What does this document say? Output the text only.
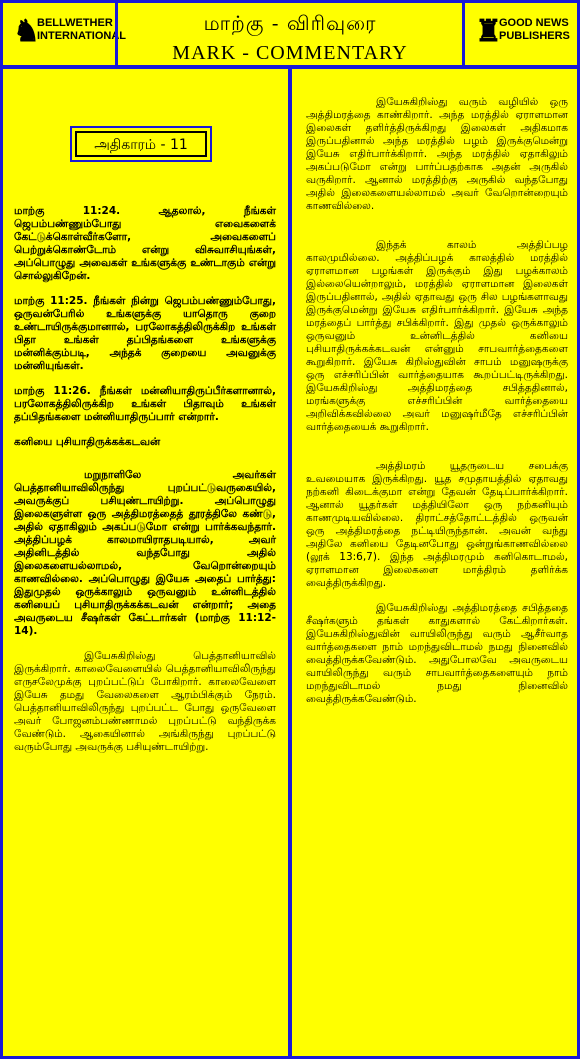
♞
BELLWETHER
INTERNATIONAL
மாற்கு - விரிவுரை
MARK - COMMENTARY
♜
GOOD NEWS
PUBLISHERS
அதிகாரம் - 11

மாற்கு 11:24. ஆதலால், நீங்கள் ஜெபம்பண்ணும்போது எவைகளைக் கேட்டுக்கொள்வீர்களோ, அவைகளைப் பெற்றுக்கொண்டோம் என்று விசுவாசியுங்கள், அப்பொழுது அவைகள் உங்களுக்கு உண்டாகும் என்று சொல்லுகிறேன்.

மாற்கு 11:25. நீங்கள் நின்று ஜெபம்பண்ணும்போது, ஒருவன்பேரில் உங்களுக்கு யாதொரு குறை உண்டாயிருக்குமானால், பரலோகத்திலிருக்கிற உங்கள் பிதா உங்கள் தப்பிதங்களை உங்களுக்கு மன்னிக்கும்படி, அந்தக் குறையை அவனுக்கு மன்னியுங்கள்.

மாற்கு 11:26. நீங்கள் மன்னியாதிருப்பீர்களானால், பரலோகத்திலிருக்கிற உங்கள் பிதாவும் உங்கள் தப்பிதங்களை மன்னியாதிருப்பார் என்றார்.

கனியை புசியாதிருக்கக்கடவன்

மறுநாளிலே அவர்கள் பெத்தானியாவிலிருந்து புறப்பட்டுவருகையில், அவருக்குப் பசியுண்டாயிற்று. அப்பொழுது இலைகளுள்ள ஒரு அத்திமரத்தைத் தூரத்திலே கண்டு, அதில் ஏதாகிலும் அகப்படுமோ என்று பார்க்கவந்தார். அத்திப்பழக் காலமாயிராதபடியால், அவர் அதினிடத்தில் வந்தபோது அதில் இலைகளையல்லாமல், வேறொன்றையும் காணவில்லை. அப்பொழுது இயேசு அதைப் பார்த்து: இதுமுதல் ஒருக்காலும் ஒருவனும் உன்னிடத்தில் கனியைப் புசியாதிருக்கக்கடவன் என்றார்; அதை அவருடைய சீஷர்கள் கேட்டார்கள் (மாற்கு 11:12-14).

இயேசுகிறிஸ்து பெத்தானியாவில் இருக்கிறார். காலைவேளையில் பெத்தானியாவிலிருந்து எருசலேமுக்கு புறப்பட்டுப் போகிறார். காலைவேளை இயேசு தமது வேலைகளை ஆரம்பிக்கும் நேரம். பெத்தானியாவிலிருந்து புறப்பட்ட போது ஒருவேளை அவர் போஜனம்பண்ணாமல் புறப்பட்டு வந்திருக்க வேண்டும். ஆகையினால் அங்கிருந்து புறப்பட்டு வரும்போது அவருக்கு பசியுண்டாயிற்று.

இயேசுகிறிஸ்து வரும் வழியில் ஒரு அத்திமரத்தை காண்கிறார். அந்த மரத்தில் ஏராளமான இலைகள் தளிர்த்திருக்கிறது இலைகள் அதிகமாக இருப்பதினால் அந்த மரத்தில் பழம் இருக்குமென்று இயேசு எதிர்பார்க்கிறார். அந்த மரத்தில் ஏதாகிலும் அகப்படுமோ என்று பார்ப்பதற்காக அதன் அருகில் வருகிறார். ஆனால் மரத்திற்கு அருகில் வந்தபோது அதில் இலைகளையல்லாமல் அவர் வேறொன்றையும் காணவில்லை.

இந்தக் காலம் அத்திப்பழ காலமுமில்லை. அத்திப்பழக் காலத்தில் மரத்தில் ஏராளமான பழங்கள் இருக்கும் இது பழக்காலம் இல்லையென்றாலும், மரத்தில் ஏராளமான இலைகள் இருப்பதினால், அதில் ஏதாவது ஒரு சில பழங்களாவது இருக்குமென்று இயேசு எதிர்பார்க்கிறார். இயேசு அந்த மரத்தைப் பார்த்து சபிக்கிறார். இது முதல் ஒருக்காலும் ஒருவனும் உன்னிடத்தில் கனியை புசியாதிருக்கக்கடவன் என்னும் சாபவார்த்தைகளை கூறுகிறார். இயேசு கிறிஸ்துவின் சாபம் மனுஷருக்கு ஒரு எச்சரிப்பின் வார்த்தையாக கூறப்பட்டிருக்கிறது. இயேசுகிறிஸ்து அத்திமரத்தை சபித்ததினால், மரங்களுக்கு எச்சரிப்பின் வார்த்தையை அறிவிக்கவில்லை அவர் மனுஷர்மீதே எச்சரிப்பின் வார்த்தையைக் கூறுகிறார்.

அத்திமரம் யூதருடைய சபைக்கு உவமையாக இருக்கிறது. யூத சமுதாயத்தில் ஏதாவது நற்கனி கிடைக்குமா என்று தேவன் தேடிப்பார்க்கிறார். ஆனால் யூதர்கள் மத்தியிலோ ஒரு நற்கனியும் காணமுடியவில்லை. திராட்சத்தோட்டத்தில் ஒருவன் ஒரு அத்திமரத்தை நட்டியிருந்தான். அவன் வந்து அதிலே கனியை தேடினபோது ஒன்றுங்காணவில்லை (லூக் 13:6,7). இந்த அத்திமரமும் கனிகொடாமல், ஏராளமான இலைகளை மாத்திரம் தளிர்க்க வைத்திருக்கிறது.

இயேசுகிறிஸ்து அத்திமரத்தை சபித்ததை சீஷர்களும் தங்கள் காதுகளால் கேட்கிறார்கள். இயேசுகிறிஸ்துவின் வாயிலிருந்து வரும் ஆசீர்வாத வார்த்தைகளை நாம் மறந்துவிடாமல் நமது நினைவில் வைத்திருக்கவேண்டும். அதுபோலவே அவருடைய வாயிலிருந்து வரும் சாபவார்த்தைகளையும் நாம் மறந்துவிடாமல் நமது நினைவில் வைத்திருக்கவேண்டும்.
